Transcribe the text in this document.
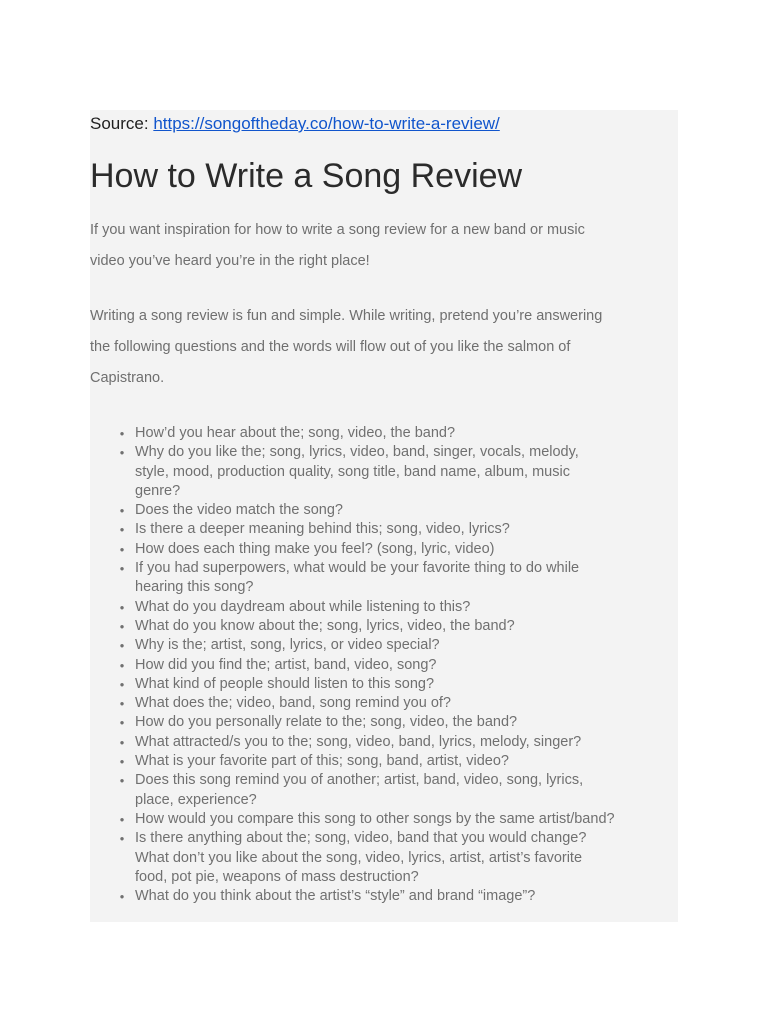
Source: https://songoftheday.co/how-to-write-a-review/

How to Write a Song Review

If you want inspiration for how to write a song review for a new band or music
video you’ve heard you’re in the right place!

Writing a song review is fun and simple. While writing, pretend you’re answering
the following questions and the words will flow out of you like the salmon of
Capistrano.

● How’d you hear about the; song, video, the band?
● Why do you like the; song, lyrics, video, band, singer, vocals, melody,
style, mood, production quality, song title, band name, album, music
genre?
● Does the video match the song?
● Is there a deeper meaning behind this; song, video, lyrics?
● How does each thing make you feel? (song, lyric, video)
● If you had superpowers, what would be your favorite thing to do while
hearing this song?
● What do you daydream about while listening to this?
● What do you know about the; song, lyrics, video, the band?
● Why is the; artist, song, lyrics, or video special?
● How did you find the; artist, band, video, song?
● What kind of people should listen to this song?
● What does the; video, band, song remind you of?
● How do you personally relate to the; song, video, the band?
● What attracted/s you to the; song, video, band, lyrics, melody, singer?
● What is your favorite part of this; song, band, artist, video?
● Does this song remind you of another; artist, band, video, song, lyrics,
place, experience?
● How would you compare this song to other songs by the same artist/band?
● Is there anything about the; song, video, band that you would change?
What don’t you like about the song, video, lyrics, artist, artist’s favorite
food, pot pie, weapons of mass destruction?
● What do you think about the artist’s “style” and brand “image”?
